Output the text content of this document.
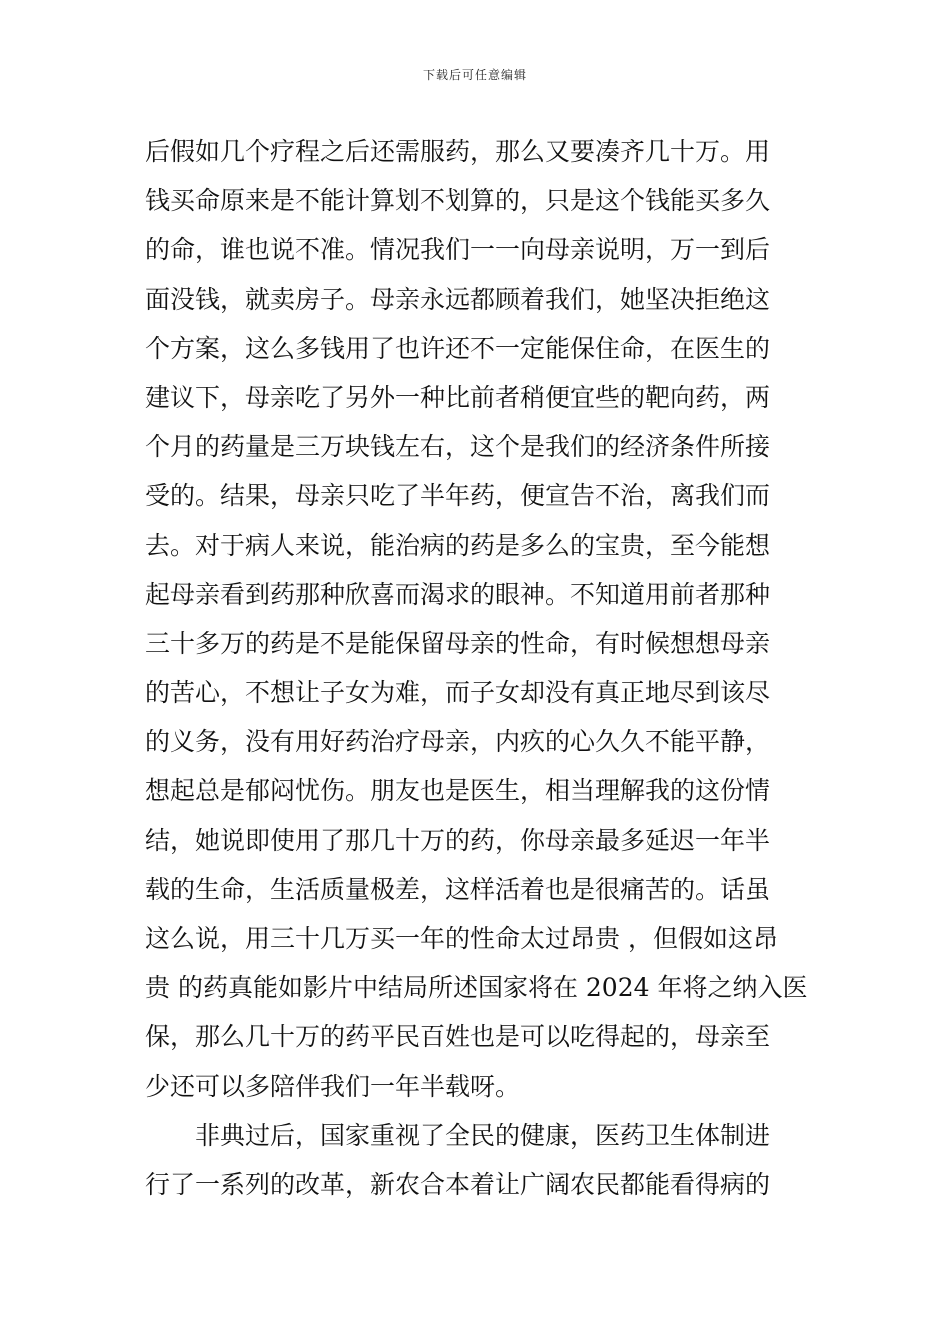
下载后可任意编辑
后假如几个疗程之后还需服药，那么又要凑齐几十万。用
钱买命原来是不能计算划不划算的，只是这个钱能买多久
的命，谁也说不准。情况我们一一向母亲说明，万一到后
面没钱，就卖房子。母亲永远都顾着我们，她坚决拒绝这
个方案，这么多钱用了也许还不一定能保住命，在医生的
建议下，母亲吃了另外一种比前者稍便宜些的靶向药，两
个月的药量是三万块钱左右，这个是我们的经济条件所接
受的。结果，母亲只吃了半年药，便宣告不治，离我们而
去。对于病人来说，能治病的药是多么的宝贵，至今能想
起母亲看到药那种欣喜而渴求的眼神。不知道用前者那种
三十多万的药是不是能保留母亲的性命，有时候想想母亲
的苦心，不想让子女为难，而子女却没有真正地尽到该尽
的义务，没有用好药治疗母亲，内疚的心久久不能平静，
想起总是郁闷忧伤。朋友也是医生，相当理解我的这份情
结，她说即使用了那几十万的药，你母亲最多延迟一年半
载的生命，生活质量极差，这样活着也是很痛苦的。话虽
这么说，用三十几万买一年的性命太过昂贵 ，但假如这昂
贵 的药真能如影片中结局所述国家将在 2024 年将之纳入医
保，那么几十万的药平民百姓也是可以吃得起的，母亲至
少还可以多陪伴我们一年半载呀。
　　非典过后，国家重视了全民的健康，医药卫生体制进
行了一系列的改革，新农合本着让广阔农民都能看得病的
